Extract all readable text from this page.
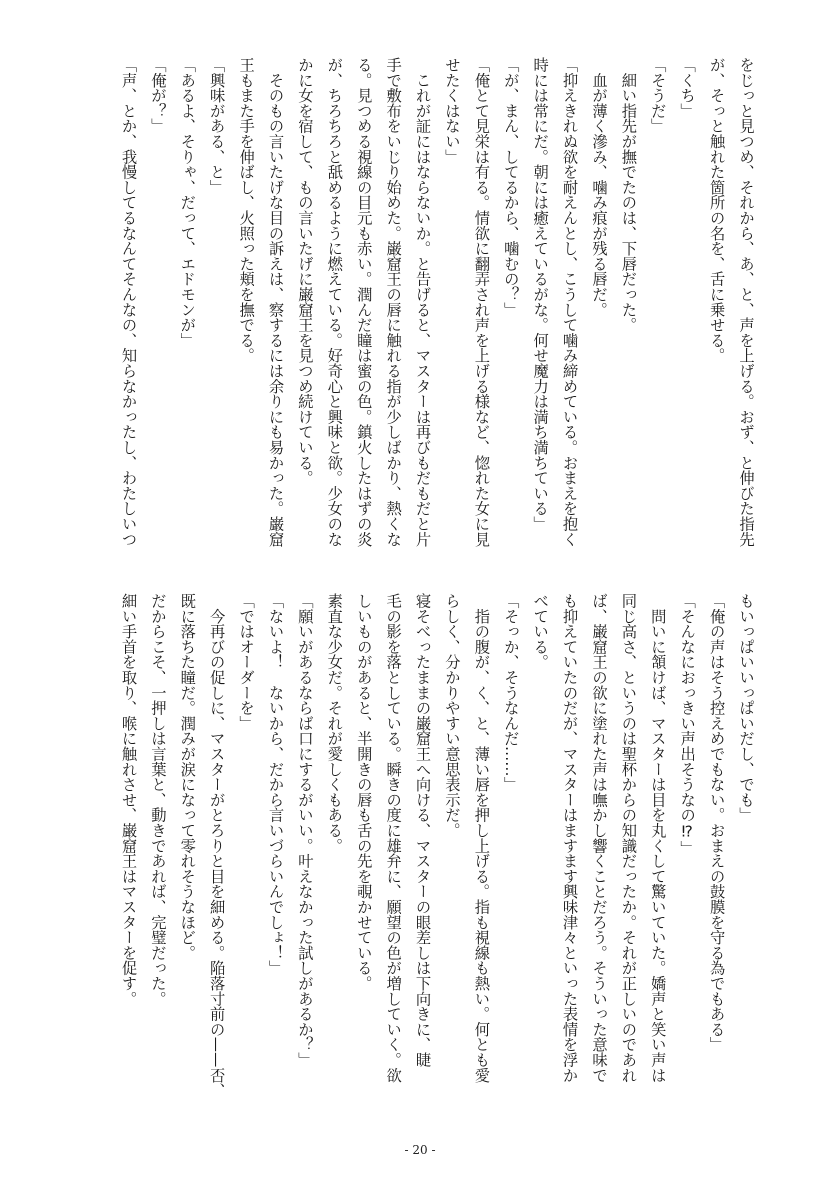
をじっと見つめ、それから、あ、と、声を上げる。おず、と伸びた指先
が、そっと触れた箇所の名を、舌に乗せる。
「くち」
「そうだ」
　細い指先が撫でたのは、下唇だった。
　血が薄く滲み、噛み痕が残る唇だ。
「抑えきれぬ欲を耐えんとし、こうして噛み締めている。おまえを抱く
時には常にだ。朝には癒えているがな。何せ魔力は満ち満ちている」
「が、まん、してるから、噛むの？」
「俺とて見栄は有る。情欲に翻弄され声を上げる様など、惚れた女に見
せたくはない」
　これが証にはならないか。と告げると、マスターは再びもだもだと片
手で敷布をいじり始めた。巌窟王の唇に触れる指が少しばかり、熱くな
る。見つめる視線の目元も赤い。潤んだ瞳は蜜の色。鎮火したはずの炎
が、ちろちろと舐めるように燃えている。好奇心と興味と欲。少女のな
かに女を宿して、もの言いたげに巌窟王を見つめ続けている。
　そのもの言いたげな目の訴えは、察するには余りにも易かった。巌窟
王もまた手を伸ばし、火照った頬を撫でる。
「興味がある、と」
「あるよ、そりゃ、だって、エドモンが」
「俺が？」
「声、とか、我慢してるなんてそんなの、知らなかったし、わたしいつ
もいっぱいいっぱいだし、でも」
「俺の声はそう控えめでもない。おまえの鼓膜を守る為でもある」
「そんなにおっきい声出そうなの⁉」
　問いに頷けば、マスターは目を丸くして驚いていた。嬌声と笑い声は
同じ高さ、というのは聖杯からの知識だったか。それが正しいのであれ
ば、巌窟王の欲に塗れた声は嘸かし響くことだろう。そういった意味で
も抑えていたのだが、マスターはますます興味津々といった表情を浮か
べている。
「そっか、そうなんだ……」
　指の腹が、く、と、薄い唇を押し上げる。指も視線も熱い。何とも愛
らしく、分かりやすい意思表示だ。
寝そべったままの巌窟王へ向ける、マスターの眼差しは下向きに、睫
毛の影を落としている。瞬きの度に雄弁に、願望の色が増していく。欲
しいものがあると、半開きの唇も舌の先を覗かせている。
素直な少女だ。それが愛しくもある。
「願いがあるならば口にするがいい。叶えなかった試しがあるか？」
「ないよ！　ないから、だから言いづらいんでしょ！」
「ではオーダーを」
　今再びの促しに、マスターがとろりと目を細める。陥落寸前の——否、
既に落ちた瞳だ。潤みが涙になって零れそうなほど。
だからこそ、一押しは言葉と、動きであれば、完璧だった。
細い手首を取り、喉に触れさせ、巌窟王はマスターを促す。
- 20 -
